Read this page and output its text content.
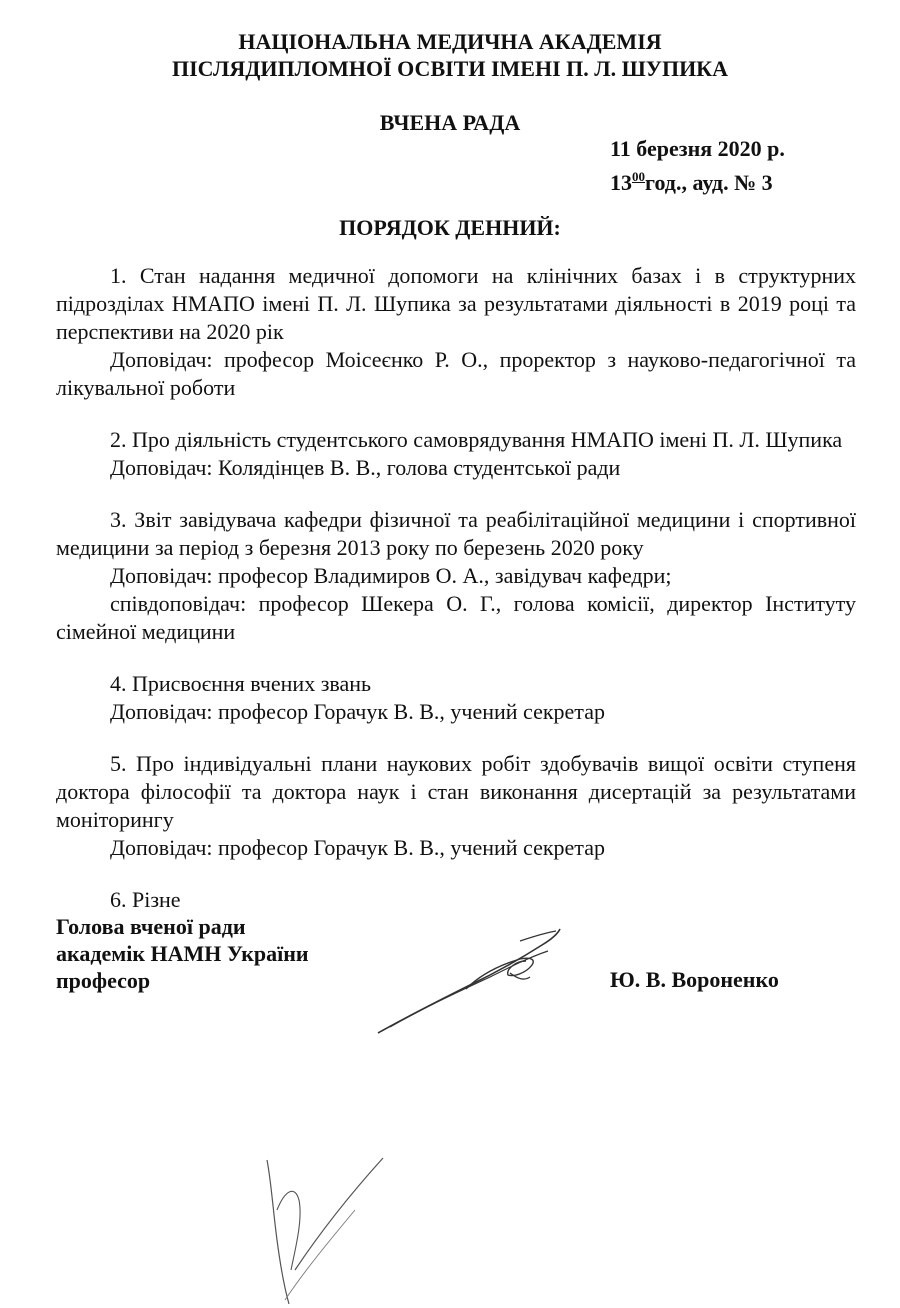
НАЦІОНАЛЬНА МЕДИЧНА АКАДЕМІЯ
ПІСЛЯДИПЛОМНОЇ ОСВІТИ ІМЕНІ П. Л. ШУПИКА
ВЧЕНА РАДА
11 березня 2020 р.
$13^{00}год$., ауд. № 3
ПОРЯДОК ДЕННИЙ:

1. Стан надання медичної допомоги на клінічних базах і в структурних підрозділах НМАПО імені П. Л. Шупика за результатами діяльності в 2019 році та перспективи на 2020 рік

Доповідач: професор Моісеєнко Р. О., проректор з науково-педагогічної та лікувальної роботи

2. Про діяльність студентського самоврядування НМАПО імені П. Л. Шупика

Доповідач: Колядінцев В. В., голова студентської ради

3. Звіт завідувача кафедри фізичної та реабілітаційної медицини і спортивної медицини за період з березня 2013 року по березень 2020 року

Доповідач: професор Владимиров О. А., завідувач кафедри;

співдоповідач: професор Шекера О. Г., голова комісії, директор Інституту сімейної медицини

4. Присвоєння вчених звань

Доповідач: професор Горачук В. В., учений секретар

5. Про індивідуальні плани наукових робіт здобувачів вищої освіти ступеня доктора філософії та доктора наук і стан виконання дисертацій за результатами моніторингу

Доповідач: професор Горачук В. В., учений секретар

6. Різне

Голова вченої ради

академік НАМН України

професор	Ю. В. Вороненко
